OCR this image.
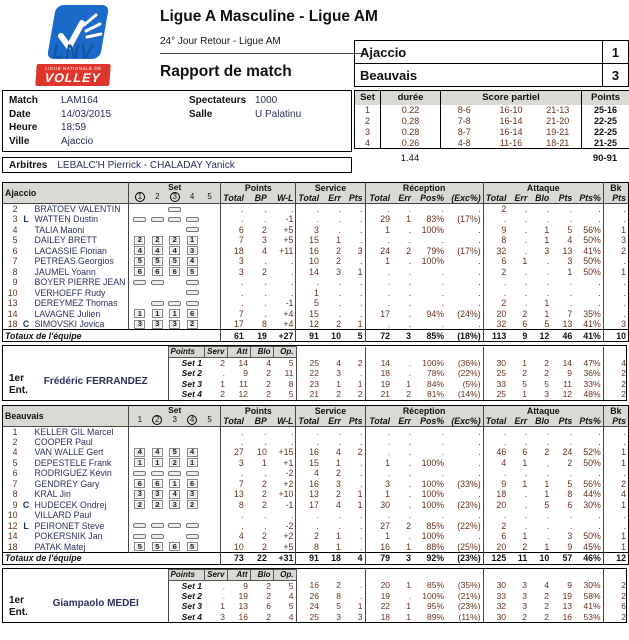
LNV
LIGUE NATIONALE DE
VOLLEY
Ligue A Masculine - Ligue AM
24° Jour Retour - Ligue AM
Rapport de match
Ajaccio	1
Beauvais	3
Match	LAM164
Date	14/03/2015
Heure	18:59
Ville	Ajaccio
Spectateurs 1000
Salle	U Palatinu
Arbitres LEBALC'H Pierrick - CHALADAY Yanick
Set	durée	Score partiel			Points
1	0.22	8-6	16-10	21-13	25-16
2	0.28	7-8	16-14	21-20	22-25
3	0.28	8-7	16-14	19-21	22-25
4	0.26	4-8	11-16	18-21	21-25
1.44	90-91
Ajaccio	
Set
1	2	3	4	5
	Points	Service	Réception	Attaque	Bk
				Total	BP	W-L	Total	Err	Pts	Total	Err	Pos%	(Exc%)	Total	Err	Blo	Pts	Pts%	Pts
2		BRATOEV VALENTIN		.	.	.	.	.	.	.	.	.	.	2	.	.	.	.	.
3	L	WATTEN Dustin		.	.	-1	.	.	.	29	1	83%	(17%)	.	.	.	.	.	.
4		TALIA Maoni		6	2	+5	3	.	.	1	.	100%	.	9	.	1	5	56%	1
5		DAILEY BRETT	2 2 2 1	7	3	+5	15	1	.	.	.	.	.	8	.	1	4	50%	3
6		LACASSIE Florian	4 4 4 3	18	4	+11	16	2	3	24	2	79%	(17%)	32	.	3	13	41%	2
7		PETREAS Georgios	5 5 5 4	3	.	.	10	2	.	1	.	100%	.	6	1	.	3	50%	.
8		JAUMEL Yoann	6 6 6 5	3	2	.	14	3	1	.	.	.	.	2	.	.	1	50%	1
9		BOYER PIERRE JEAN		.	.	.	.	.	.	.	.	.	.	.	.	.	.	.	.
10		VERHOEFF Rudy		.	.	.	1	.	.	.	.	.	.	.	.	.	.	.	.
13		DEREYMEZ Thomas		.	.	-1	5	.	.	.	.	.	.	2	.	1	.	.	.
14		LAVAGNE Julien	1 1 1 6	7	.	+4	15	.	.	17	.	94%	(24%)	20	2	1	7	35%	.
18	C	SIMOVSKI Jovica	3 3 3 2	17	8	+4	12	2	1	.	.	.	.	32	6	5	13	41%	3
Totaux de l'équipe				61	19	+27	91	10	5	72	3	85%	(18%)	113	9	12	46	41%	10
1er
Ent.
Frédéric FERRANDEZ	Points	Serv	Att	Blo	Op.													
	Set 1	2	14	4	5	25	4	2	14	.	100%	(36%)	30	1	2	14	47%	4
	Set 2	.	9	2	11	22	3	.	18	.	78%	(22%)	25	2	2	9	36%	2
	Set 3	1	11	2	8	23	1	1	19	1	84%	(5%)	33	5	5	11	33%	2
	Set 4	2	12	2	5	21	2	2	21	2	81%	(14%)	25	1	3	12	48%	2
Beauvais	
Set
1	2	3	4	5
	Points	Service	Réception	Attaque	Bk
				Total	BP	W-L	Total	Err	Pts	Total	Err	Pos%	(Exc%)	Total	Err	Blo	Pts	Pts%	Pts
1		KELLER GIL Marcel		.	.	.	.	.	.	.	.	.	.	.	.	.	.	.	.
2		COOPER Paul		.	.	.	.	.	.	.	.	.	.	.	.	.	.	.	.
4		VAN WALLE Gert	4 4 5 4	27	10	+15	16	4	2	.	.	.	.	46	6	2	24	52%	1
5		DEPESTELE Frank	1 1 2 1	3	1	+1	15	1	.	1	.	100%	.	4	1	.	2	50%	1
6		RODRIGUEZ Kévin		.	.	-2	4	2	.	.	.	.	.	.	.	.	.	.	.
7		GENDREY Gary	6 6 1 6	7	2	+2	16	3	.	3	.	100%	(33%)	9	1	1	5	56%	2
8		KRAL Jiri	3 3 4 3	13	2	+10	13	2	1	1	.	100%	.	18	.	1	8	44%	4
9	C	HUDECEK Ondrej	2 2 3 2	8	2	-1	17	4	1	30	.	100%	(23%)	20	.	5	6	30%	1
10		VILLARD Paul		.	.	.	.	.	.	.	.	.	.	.	.	.	.	.	.
12	L	PEIRONET Steve		.	.	-2	.	.	.	27	2	85%	(22%)	2	.	.	.	.	.
14		POKERSNIK Jan		4	2	+2	2	1	.	1	.	100%	.	6	1	.	3	50%	1
18		PATAK Matej	5 5 6 5	10	2	+5	8	1	.	16	1	88%	(25%)	20	2	1	9	45%	1
Totaux de l'équipe				73	22	+31	91	18	4	79	3	92%	(23%)	125	11	10	57	46%	12
1er
Ent.
Giampaolo MEDEI	Points	Serv	Att	Blo	Op.													
	Set 1	.	9	2	5	16	2	.	20	1	85%	(35%)	30	3	4	9	30%	2
	Set 2	.	19	2	4	26	8	.	19	.	100%	(21%)	33	3	2	19	58%	2
	Set 3	1	13	6	5	24	5	1	22	1	95%	(23%)	32	3	2	13	41%	6
	Set 4	3	16	2	4	25	3	3	18	1	89%	(11%)	30	2	2	16	53%	2
